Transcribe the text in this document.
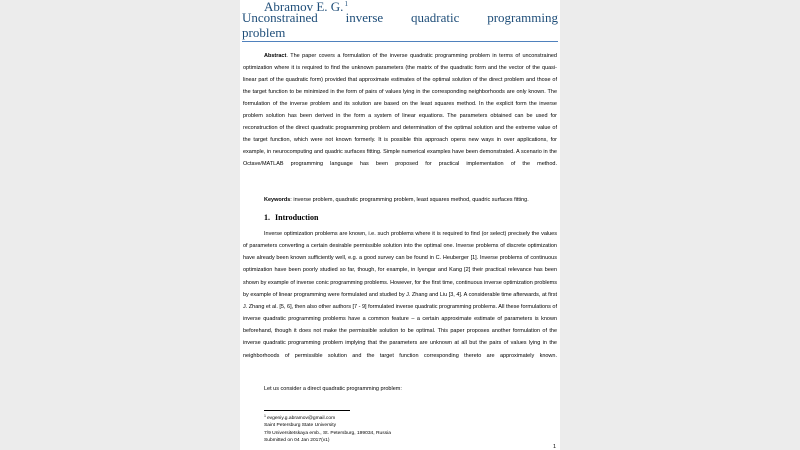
Abramov E. G.$^1$
Unconstrained inverse quadratic programming
problem

Abstract. The paper covers a formulation of the inverse quadratic programming problem in terms of unconstrained optimization where it is required to find the unknown parameters (the matrix of the quadratic form and the vector of the quasi-linear part of the quadratic form) provided that approximate estimates of the optimal solution of the direct problem and those of the target function to be minimized in the form of pairs of values lying in the corresponding neighborhoods are only known. The formulation of the inverse problem and its solution are based on the least squares method. In the explicit form the inverse problem solution has been derived in the form a system of linear equations. The parameters obtained can be used for reconstruction of the direct quadratic programming problem and determination of the optimal solution and the extreme value of the target function, which were not known formerly. It is possible this approach opens new ways in over applications, for example, in neurocomputing and quadric surfaces fitting. Simple numerical examples have been demonstrated. A scenario in the Octave/MATLAB programming language has been proposed for practical implementation of the method.

Keywords: inverse problem, quadratic programming problem, least squares method, quadric surfaces fitting.

1. Introduction

Inverse optimization problems are known, i.e. such problems where it is required to find (or select) precisely the values of parameters converting a certain desirable permissible solution into the optimal one. Inverse problems of discrete optimization have already been known sufficiently well, e.g. a good survey can be found in C. Heuberger [1]. Inverse problems of continuous optimization have been poorly studied so far, though, for example, in Iyengar and Kang [2] their practical relevance has been shown by example of inverse conic programming problems. However, for the first time, continuous inverse optimization problems by example of linear programming were formulated and studied by J. Zhang and Liu [3, 4]. A considerable time afterwards, at first J. Zhang et al. [5, 6], then also other authors [7 - 9] formulated inverse quadratic programming problems. All these formulations of inverse quadratic programming problems have a common feature – a certain approximate estimate of parameters is known beforehand, though it does not make the permissible solution to be optimal. This paper proposes another formulation of the inverse quadratic programming problem implying that the parameters are unknown at all but the pairs of values lying in the neighborhoods of permissible solution and the target function corresponding thereto are approximately known.

Let us consider a direct quadratic programming problem:

$^1$evgeniy.g.abramov@gmail.com
Saint Petersburg State University
7/9 Universitetskaya emb., St. Petersburg, 199034, Russia
Submitted on 04 Jan 2017(v1)
1
